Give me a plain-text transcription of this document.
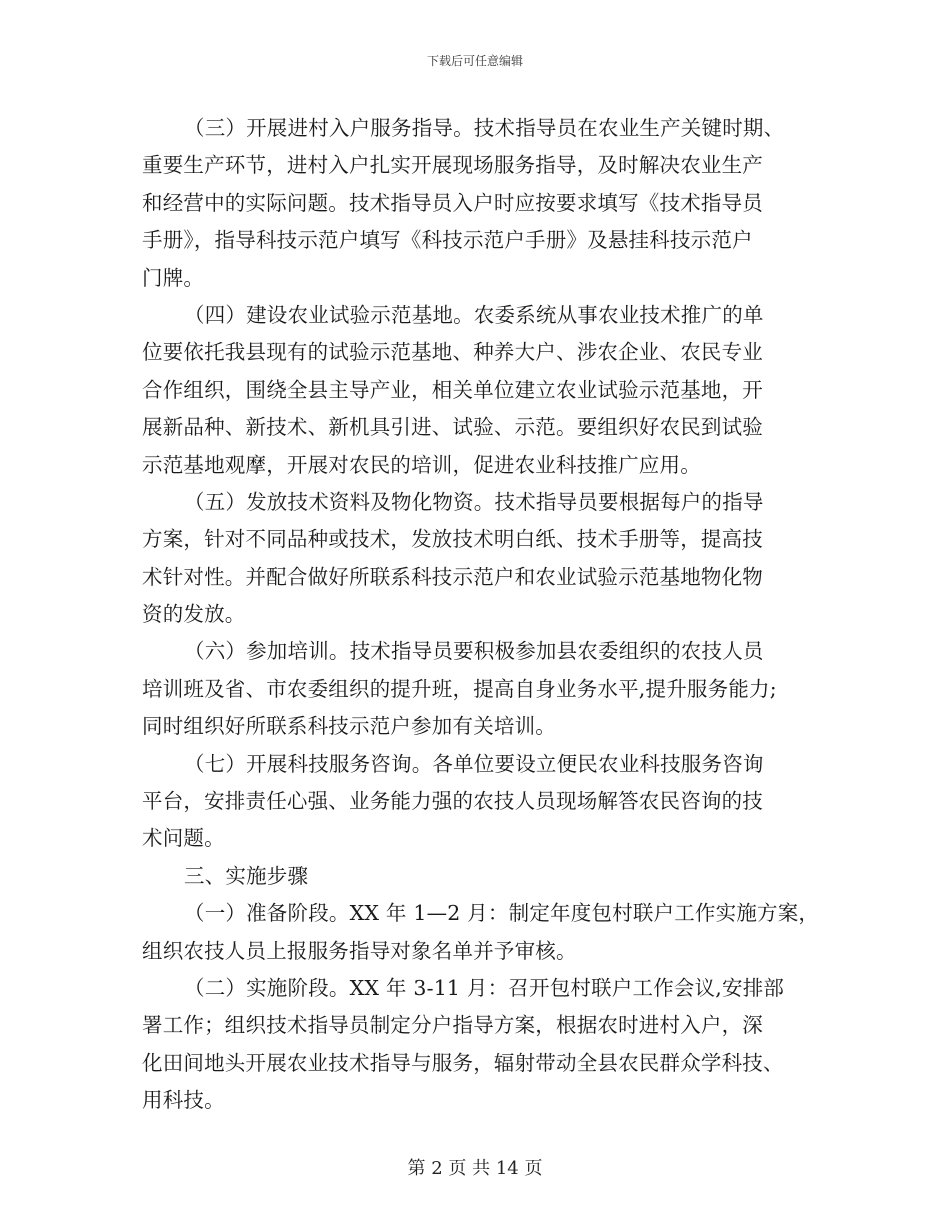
下载后可任意编辑
（三）开展进村入户服务指导。技术指导员在农业生产关键时期、
重要生产环节，进村入户扎实开展现场服务指导，及时解决农业生产
和经营中的实际问题。技术指导员入户时应按要求填写《技术指导员
手册》，指导科技示范户填写《科技示范户手册》及悬挂科技示范户
门牌。
（四）建设农业试验示范基地。农委系统从事农业技术推广的单
位要依托我县现有的试验示范基地、种养大户、涉农企业、农民专业
合作组织，围绕全县主导产业，相关单位建立农业试验示范基地，开
展新品种、新技术、新机具引进、试验、示范。要组织好农民到试验
示范基地观摩，开展对农民的培训，促进农业科技推广应用。
（五）发放技术资料及物化物资。技术指导员要根据每户的指导
方案，针对不同品种或技术，发放技术明白纸、技术手册等，提高技
术针对性。并配合做好所联系科技示范户和农业试验示范基地物化物
资的发放。
（六）参加培训。技术指导员要积极参加县农委组织的农技人员
培训班及省、市农委组织的提升班，提高自身业务水平,提升服务能力;
同时组织好所联系科技示范户参加有关培训。
（七）开展科技服务咨询。各单位要设立便民农业科技服务咨询
平台，安排责任心强、业务能力强的农技人员现场解答农民咨询的技
术问题。
三、实施步骤
（一）准备阶段。XX 年 1—2 月：制定年度包村联户工作实施方案，
组织农技人员上报服务指导对象名单并予审核。
（二）实施阶段。XX 年 3-11 月：召开包村联户工作会议,安排部
署工作；组织技术指导员制定分户指导方案，根据农时进村入户，深
化田间地头开展农业技术指导与服务，辐射带动全县农民群众学科技、
用科技。
第 2 页 共 14 页
